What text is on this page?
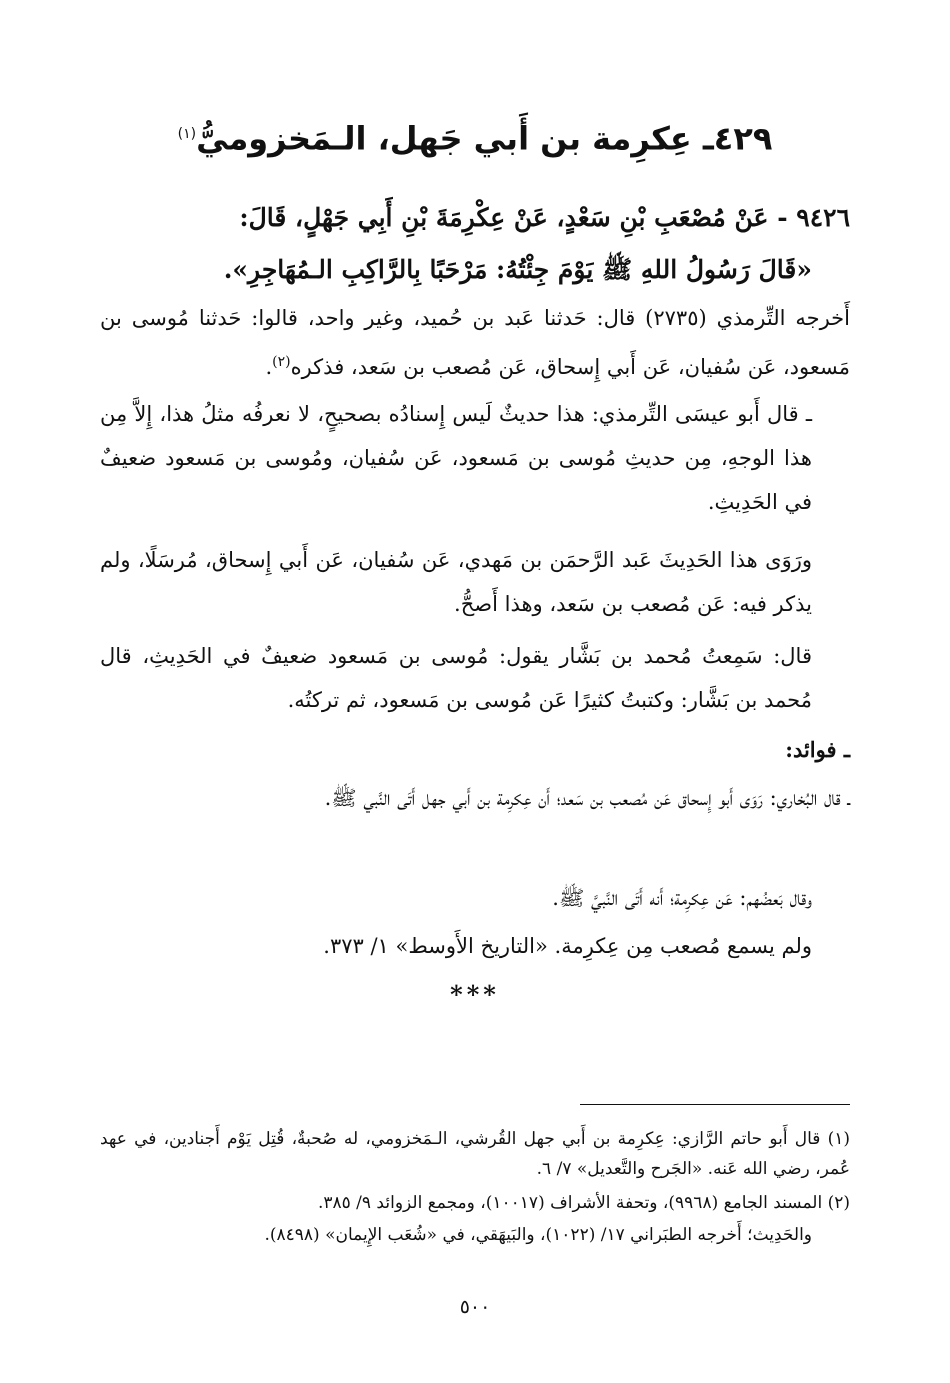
٤٢٩ـ عِكرِمة بن أَبي جَهل، الـمَخزوميُّ$^{(١)}$

٩٤٢٦ - عَنْ مُصْعَبِ بْنِ سَعْدٍ، عَنْ عِكْرِمَةَ بْنِ أَبِي جَهْلٍ، قَالَ:
«قَالَ رَسُولُ اللهِ ﷺ يَوْمَ جِئْتُهُ: مَرْحَبًا بِالرَّاكِبِ الـمُهَاجِرِ».

أَخرجه التِّرمذي (٢٧٣٥) قال: حَدثنا عَبد بن حُميد، وغير واحد، قالوا: حَدثنا مُوسى بن مَسعود، عَن سُفيان، عَن أَبي إِسحاق، عَن مُصعب بن سَعد، فذكره$^{(٢)}$.

ـ قال أَبو عيسَى التِّرمذي: هذا حديثٌ لَيس إِسنادُه بصحيحٍ، لا نعرفُه مثلُ هذا، إِلاَّ مِن هذا الوجهِ، مِن حديثِ مُوسى بن مَسعود، عَن سُفيان، ومُوسى بن مَسعود ضعيفٌ في الحَدِيثِ.

ورَوَى هذا الحَدِيثَ عَبد الرَّحمَن بن مَهدي، عَن سُفيان، عَن أَبي إِسحاق، مُرسَلًا، ولم يذكر فيه: عَن مُصعب بن سَعد، وهذا أَصحُّ.

قال: سَمِعتُ مُحمد بن بَشَّار يقول: مُوسى بن مَسعود ضعيفٌ في الحَدِيثِ، قال مُحمد بن بَشَّار: وكتبتُ كثيرًا عَن مُوسى بن مَسعود، ثم تركتُه.

ـ فوائد:

ـ قال البُخاري: رَوَى أَبو إِسحاق عَن مُصعب بن سَعد؛ أَن عِكرِمة بن أَبي جهل أَتَى النَّبي ﷺ.

وقال بَعضُهم: عَن عِكرِمة؛ أَنه أَتَى النَّبيَّ ﷺ.

ولم يسمع مُصعب مِن عِكرِمة. «التاريخ الأَوسط» ١/ ٣٧٣.

***

(١) قال أَبو حاتم الرَّازي: عِكرِمة بن أَبي جهل القُرشي، الـمَخزومي، له صُحبةٌ، قُتِل يَوْم أَجنادين، في عهد عُمر، رضي الله عَنه. «الجَرح والتَّعديل» ٧/ ٦.

(٢) المسند الجامع (٩٩٦٨)، وتحفة الأشراف (١٠٠١٧)، ومجمع الزوائد ٩/ ٣٨٥.

والحَدِيث؛ أَخرجه الطبَراني ١٧/ (١٠٢٢)، والبَيهَقي، في «شُعَب الإِيمان» (٨٤٩٨).

٥٠٠
